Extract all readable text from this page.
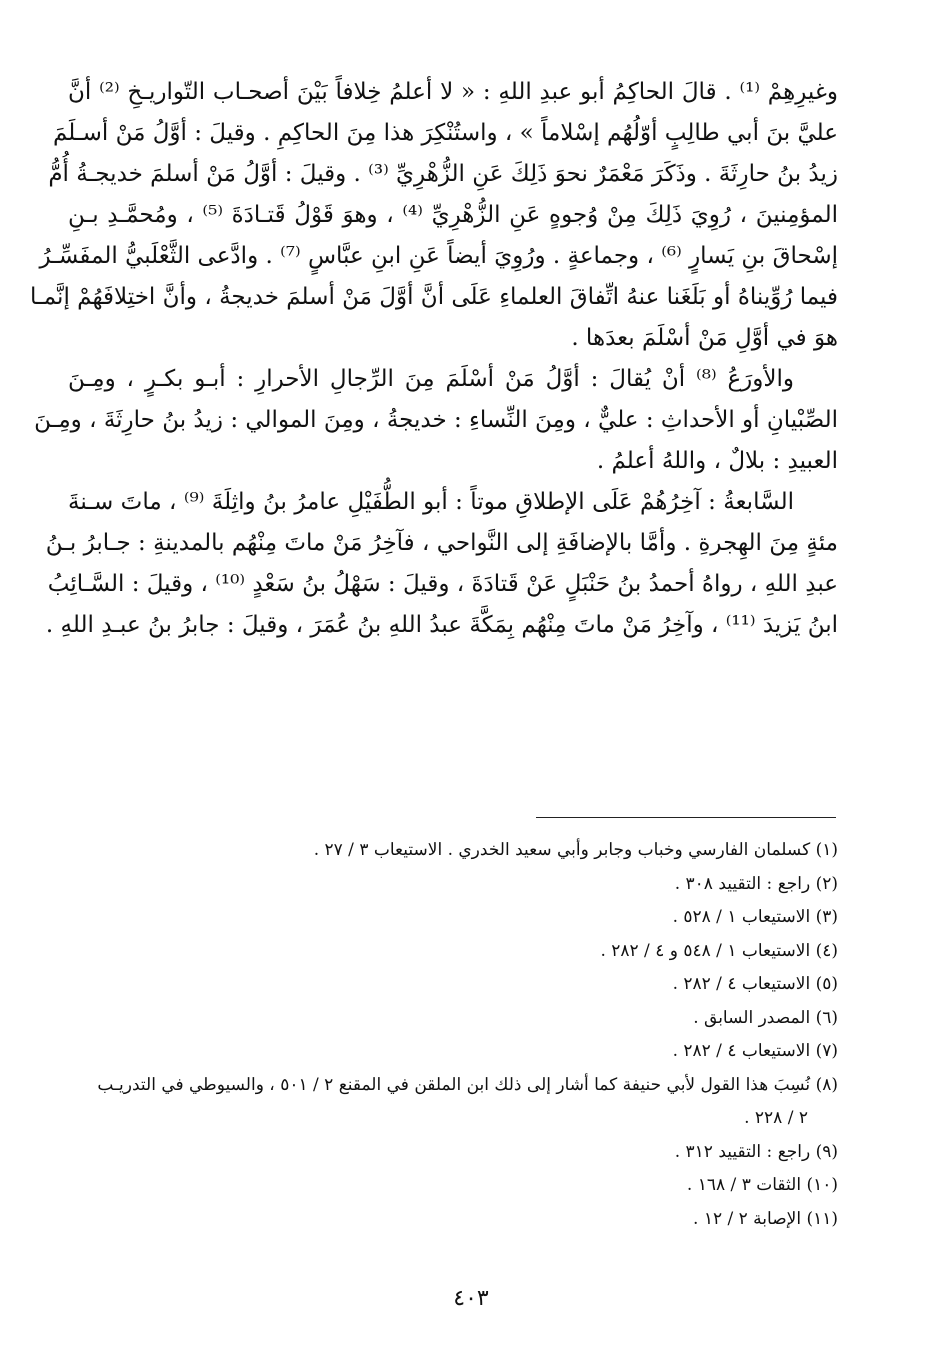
وغيرِهِمْ ⁽¹⁾ . قالَ الحاكِمُ أبو عبدِ اللهِ : « لا أعلمُ خِلافاً بَيْنَ أصحـاب التّواريـخِ ⁽²⁾ أنَّ
عليَّ بنَ أبي طالِبٍ أوّلُهُم إسْلاماً » ، واستُنْكِرَ هذا مِنَ الحاكِمِ . وقيلَ : أوَّلُ مَنْ أسـلَمَ
زيدُ بنُ حارِثَةَ . وذَكَرَ مَعْمَرٌ نحوَ ذَلِكَ عَنِ الزُّهْرِيِّ ⁽³⁾ . وقيلَ : أوَّلُ مَنْ أسلمَ خديجـةُ أُمُّ
المؤمِنينَ ، رُوِيَ ذَلِكَ مِنْ وُجوهٍ عَنِ الزُّهْرِيِّ ⁽⁴⁾ ، وهوَ قَوْلُ قَتـادَةَ ⁽⁵⁾ ، ومُحمَّـدِ بـنِ
إسْحاقَ بنِ يَسارٍ ⁽⁶⁾ ، وجماعةٍ . ورُوِيَ أيضاً عَنِ ابنِ عبَّاسٍ ⁽⁷⁾ . وادَّعى الثَّعْلَبيُّ المفَسِّـرُ
فيما رُوِّيناهُ أو بَلَغَنا عنهُ اتِّفاقَ العلماءِ عَلَى أنَّ أوَّلَ مَنْ أسلمَ خديجةُ ، وأنَّ اختِلافَهُمْ إنَّمـا
هوَ في أوَّلِ مَنْ أسْلَمَ بعدَها .
والأورَعُ ⁽⁸⁾ أنْ يُقالَ : أوَّلُ مَنْ أسْلَمَ مِنَ الرِّجالِ الأحرارِ : أبـو بكـرٍ ، ومِـنَ
الصِّبْيانِ أو الأحداثِ : عليٌّ ، ومِنَ النِّساءِ : خديجةُ ، ومِنَ الموالي : زيدُ بنُ حارِثَةَ ، ومِـنَ
العبيدِ : بلالٌ ، واللهُ أعلمُ .
السَّابعةُ : آخِرُهُمْ عَلَى الإطلاقِ موتاً : أبو الطُّفَيْلِ عامرُ بنُ واثِلَةَ ⁽⁹⁾ ، ماتَ سـنةَ
مئةٍ مِنَ الهِجرةِ . وأمَّا بالإضافَةِ إلى النَّواحي ، فآخِرُ مَنْ ماتَ مِنْهُم بالمدينةِ : جـابرُ بـنُ
عبدِ اللهِ ، رواهُ أحمدُ بنُ حَنْبَلٍ عَنْ قَتادَةَ ، وقيلَ : سَهْلُ بنُ سَعْدٍ ⁽¹⁰⁾ ، وقيلَ : السَّـائِبُ
ابنُ يَزيدَ ⁽¹¹⁾ ، وآخِرُ مَنْ ماتَ مِنْهُم بِمَكَّةَ عبدُ اللهِ بنُ عُمَرَ ، وقيلَ : جابرُ بنُ عبـدِ اللهِ .
(١) كسلمان الفارسي وخباب وجابر وأبي سعيد الخدري . الاستيعاب ٣ / ٢٧ .
(٢) راجع : التقييد ٣٠٨ .
(٣) الاستيعاب ١ / ٥٢٨ .
(٤) الاستيعاب ١ / ٥٤٨ و ٤ / ٢٨٢ .
(٥) الاستيعاب ٤ / ٢٨٢ .
(٦) المصدر السابق .
(٧) الاستيعاب ٤ / ٢٨٢ .
(٨) نُسِبَ هذا القول لأبي حنيفة كما أشار إلى ذلك ابن الملقن في المقنع ٢ / ٥٠١ ، والسيوطي في التدريـب
٢ / ٢٢٨ .
(٩) راجع : التقييد ٣١٢ .
(١٠) الثقات ٣ / ١٦٨ .
(١١) الإصابة ٢ / ١٢ .
٤٠٣
